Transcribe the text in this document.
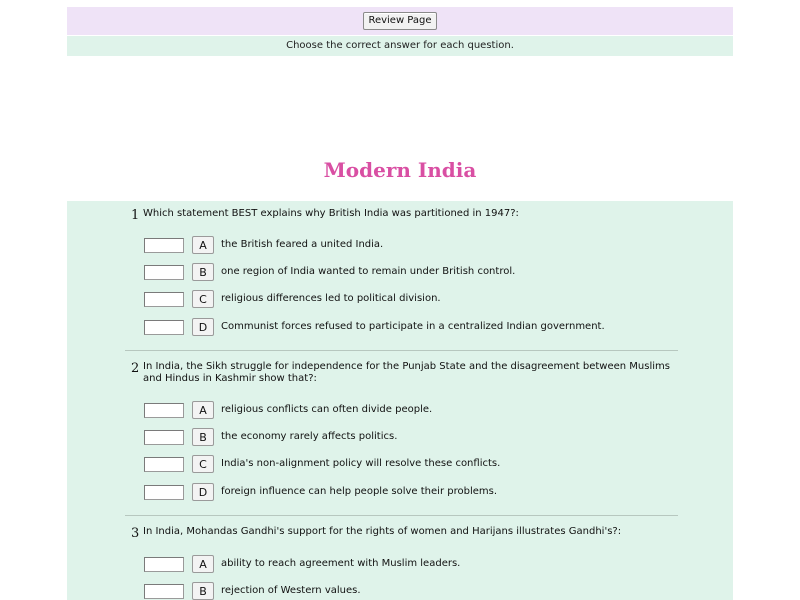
Review Page
Choose the correct answer for each question.
Modern India
1 Which statement BEST explains why British India was partitioned in 1947?:
A	the British feared a united India.
B	one region of India wanted to remain under British control.
C	religious differences led to political division.
D	Communist forces refused to participate in a centralized Indian government.
2 In India, the Sikh struggle for independence for the Punjab State and the disagreement between Muslims and Hindus in Kashmir show that?:
A	religious conflicts can often divide people.
B	the economy rarely affects politics.
C	India's non-alignment policy will resolve these conflicts.
D	foreign influence can help people solve their problems.
3 In India, Mohandas Gandhi's support for the rights of women and Harijans illustrates Gandhi's?:
A	ability to reach agreement with Muslim leaders.
B	rejection of Western values.
